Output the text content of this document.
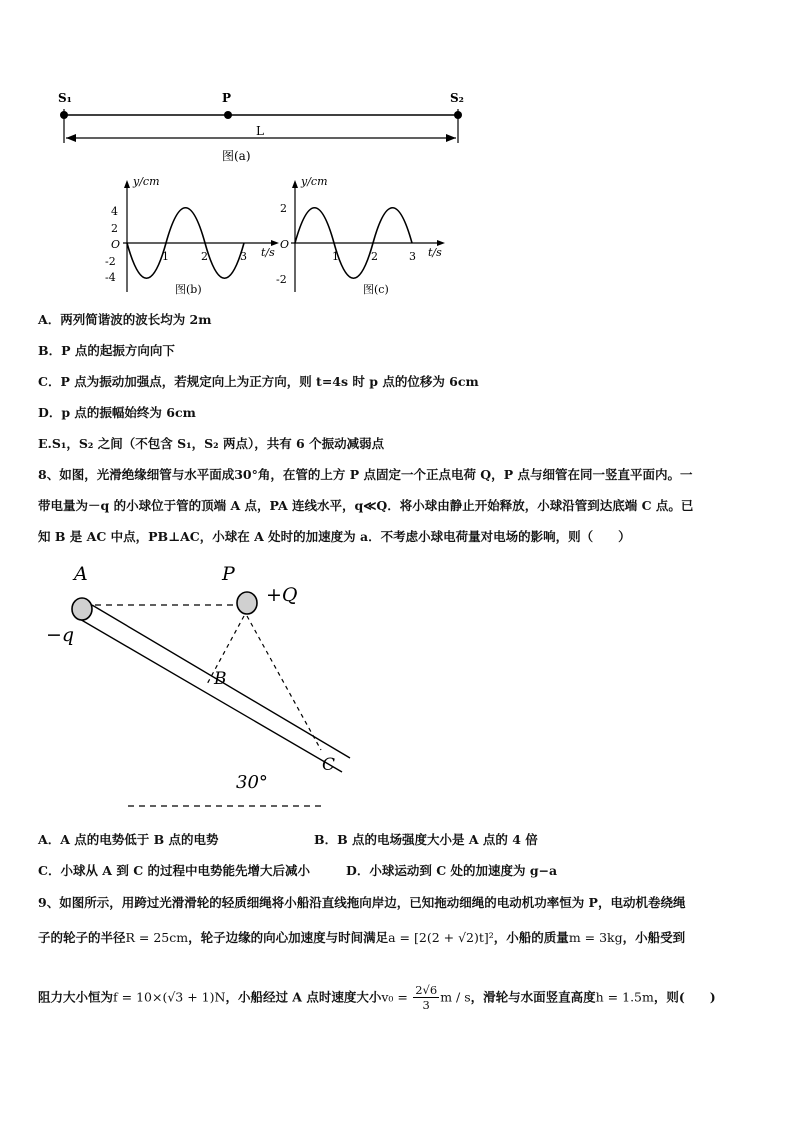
S₁	P	S₂
L
图(a)
y/cm
t/s
O
4
2
-2
-4
1	2	3
图(b)
y/cm
t/s
O
2
-2
1	2	3
图(c)
A．两列简谐波的波长均为 2m
B．P 点的起振方向向下
C．P 点为振动加强点，若规定向上为正方向，则 t=4s 时 p 点的位移为 6cm
D．p 点的振幅始终为 6cm
E.S₁，S₂ 之间（不包含 S₁，S₂ 两点），共有 6 个振动减弱点
8、如图，光滑绝缘细管与水平面成30°角，在管的上方 P 点固定一个正点电荷 Q，P 点与细管在同一竖直平面内。一
带电量为－q 的小球位于管的顶端 A 点，PA 连线水平，q≪Q．将小球由静止开始释放，小球沿管到达底端 C 点。已
知 B 是 AC 中点，PB⊥AC，小球在 A 处时的加速度为 a．不考虑小球电荷量对电场的影响，则（　　）
A	P
+Q
−q
B
C
30°
A．A 点的电势低于 B 点的电势	B．B 点的电场强度大小是 A 点的 4 倍
C．小球从 A 到 C 的过程中电势能先增大后减小	D．小球运动到 C 处的加速度为 g−a
9、如图所示，用跨过光滑滑轮的轻质细绳将小船沿直线拖向岸边，已知拖动细绳的电动机功率恒为 P，电动机卷绕绳
子的轮子的半径R = 25cm，轮子边缘的向心加速度与时间满足a = [2(2 + √2)t]²，小船的质量m = 3kg，小船受到
阻力大小恒为f = 10×(√3 + 1)N，小船经过 A 点时速度大小$v_0 = \frac{2√6}{3}$ m / s，滑轮与水面竖直高度h = 1.5m，则(　　)
